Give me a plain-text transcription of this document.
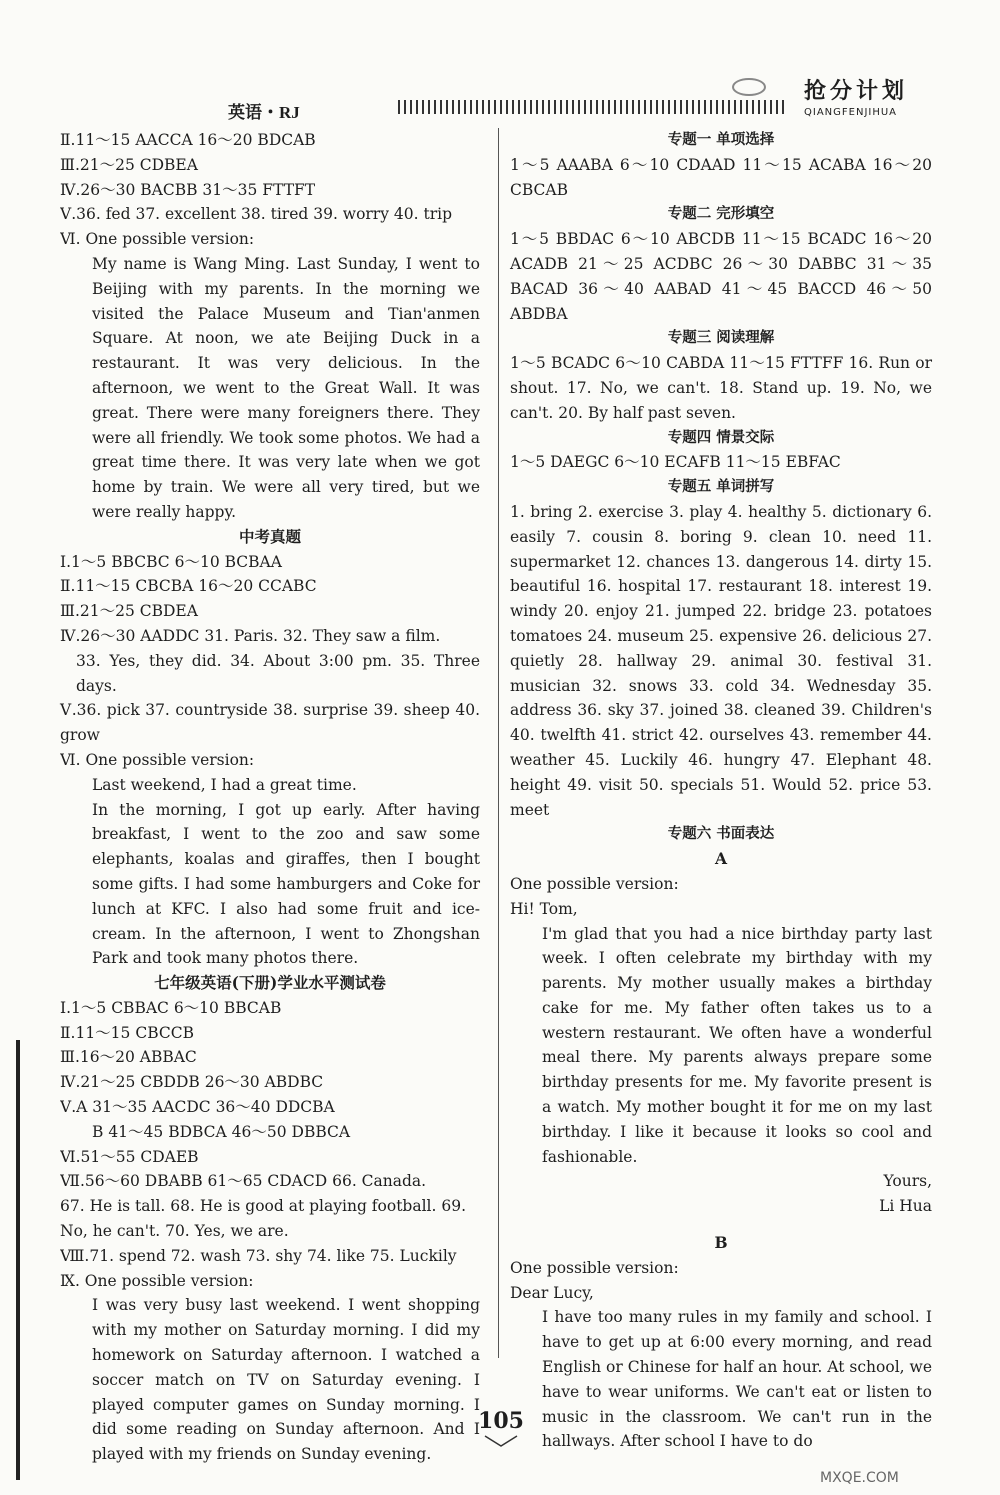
英语・RJ
抢分计划
QIANGFENJIHUA
Ⅱ.11～15 AACCA 16～20 BDCAB
Ⅲ.21～25 CDBEA
Ⅳ.26～30 BACBB 31～35 FTTFT
Ⅴ.36. fed 37. excellent 38. tired 39. worry 40. trip
Ⅵ. One possible version:
My name is Wang Ming. Last Sunday, I went to Beijing with my parents. In the morning we visited the Palace Museum and Tian'anmen Square. At noon, we ate Beijing Duck in a restaurant. It was very delicious. In the afternoon, we went to the Great Wall. It was great. There were many foreigners there. They were all friendly. We took some photos. We had a great time there. It was very late when we got home by train. We were all very tired, but we were really happy.
中考真题
Ⅰ.1～5 BBCBC 6～10 BCBAA
Ⅱ.11～15 CBCBA 16～20 CCABC
Ⅲ.21～25 CBDEA
Ⅳ.26～30 AADDC 31. Paris. 32. They saw a film.
33. Yes, they did. 34. About 3:00 pm. 35. Three days.
Ⅴ.36. pick 37. countryside 38. surprise 39. sheep 40. grow
Ⅵ. One possible version:
Last weekend, I had a great time.
In the morning, I got up early. After having breakfast, I went to the zoo and saw some elephants, koalas and giraffes, then I bought some gifts. I had some hamburgers and Coke for lunch at KFC. I also had some fruit and ice-cream. In the afternoon, I went to Zhongshan Park and took many photos there.
七年级英语(下册)学业水平测试卷
Ⅰ.1～5 CBBAC 6～10 BBCAB
Ⅱ.11～15 CBCCB
Ⅲ.16～20 ABBAC
Ⅳ.21～25 CBDDB 26～30 ABDBC
Ⅴ.A 31～35 AACDC 36～40 DDCBA
B 41～45 BDBCA 46～50 DBBCA
Ⅵ.51～55 CDAEB
Ⅶ.56～60 DBABB 61～65 CDACD 66. Canada.
67. He is tall. 68. He is good at playing football. 69.
No, he can't. 70. Yes, we are.
Ⅷ.71. spend 72. wash 73. shy 74. like 75. Luckily
Ⅸ. One possible version:
I was very busy last weekend. I went shopping with my mother on Saturday morning. I did my homework on Saturday afternoon. I watched a soccer match on TV on Saturday evening. I played computer games on Sunday morning. I did some reading on Sunday afternoon. And I played with my friends on Sunday evening.
专题一 单项选择
1～5 AAABA 6～10 CDAAD 11～15 ACABA 16～20 CBCAB
专题二 完形填空
1～5 BBDAC 6～10 ABCDB 11～15 BCADC 16～20 ACADB 21～25 ACDBC 26～30 DABBC 31～35 BACAD 36～40 AABAD 41～45 BACCD 46～50 ABDBA
专题三 阅读理解
1～5 BCADC 6～10 CABDA 11～15 FTTFF 16. Run or shout. 17. No, we can't. 18. Stand up. 19. No, we can't. 20. By half past seven.
专题四 情景交际
1～5 DAEGC 6～10 ECAFB 11～15 EBFAC
专题五 单词拼写
1. bring 2. exercise 3. play 4. healthy 5. dictionary 6. easily 7. cousin 8. boring 9. clean 10. need 11. supermarket 12. chances 13. dangerous 14. dirty 15. beautiful 16. hospital 17. restaurant 18. interest 19. windy 20. enjoy 21. jumped 22. bridge 23. potatoes tomatoes 24. museum 25. expensive 26. delicious 27. quietly 28. hallway 29. animal 30. festival 31. musician 32. snows 33. cold 34. Wednesday 35. address 36. sky 37. joined 38. cleaned 39. Children's 40. twelfth 41. strict 42. ourselves 43. remember 44. weather 45. Luckily 46. hungry 47. Elephant 48. height 49. visit 50. specials 51. Would 52. price 53. meet
专题六 书面表达
A
One possible version:
Hi! Tom,
I'm glad that you had a nice birthday party last week. I often celebrate my birthday with my parents. My mother usually makes a birthday cake for me. My father often takes us to a western restaurant. We often have a wonderful meal there. My parents always prepare some birthday presents for me. My favorite present is a watch. My mother bought it for me on my last birthday. I like it because it looks so cool and fashionable.
Yours,
Li Hua
B
One possible version:
Dear Lucy,
I have too many rules in my family and school. I have to get up at 6:00 every morning, and read English or Chinese for half an hour. At school, we have to wear uniforms. We can't eat or listen to music in the classroom. We can't run in the hallways. After school I have to do
105
MXQE.COM
